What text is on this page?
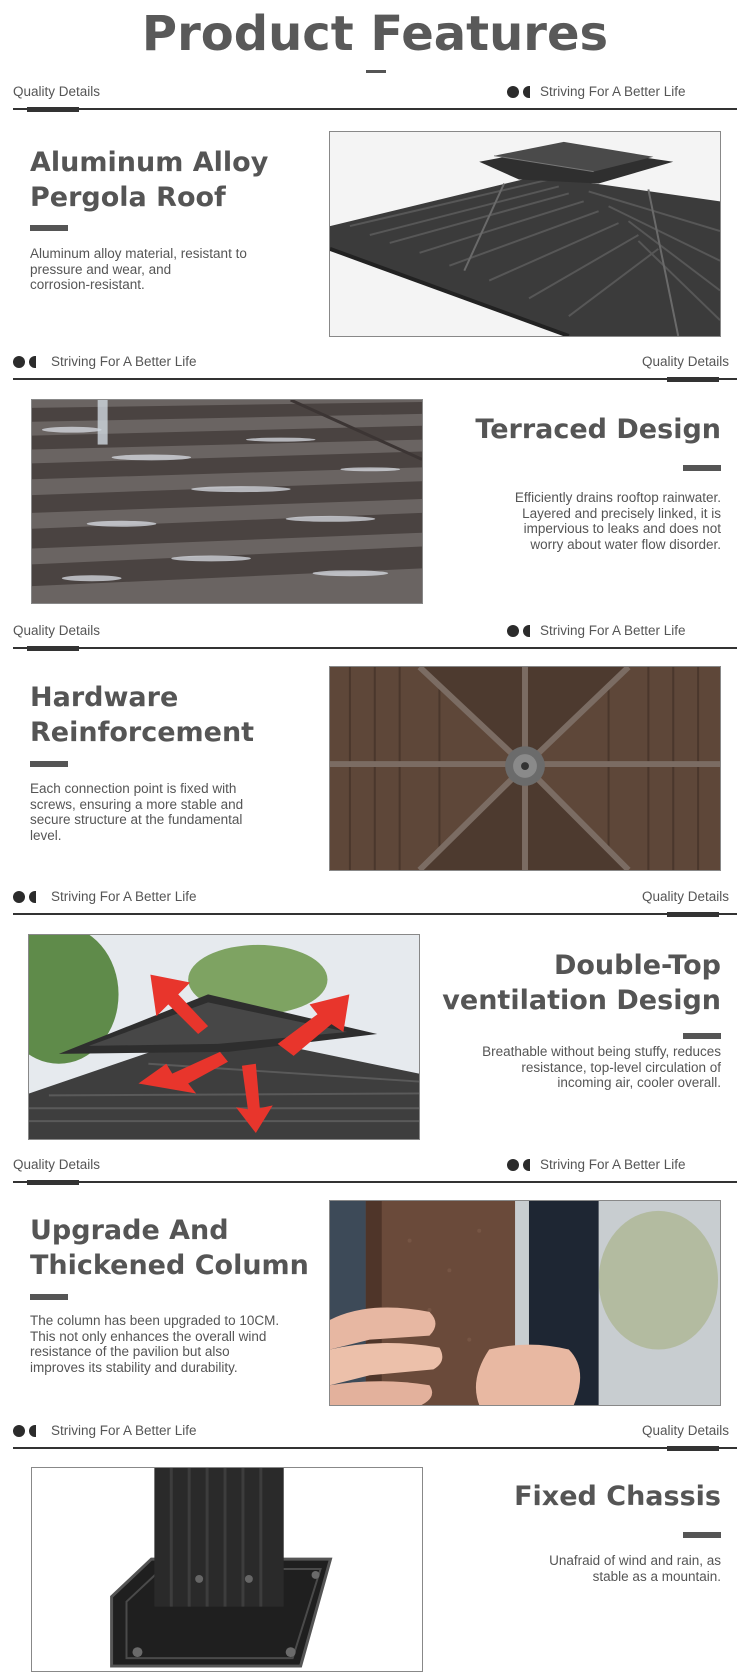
Product Features
Quality Details	Striving For A Better Life
Aluminum Alloy
Pergola Roof
Aluminum alloy material, resistant to
pressure and wear, and
corrosion-resistant.
Striving For A Better Life	Quality Details
Terraced Design
Efficiently drains rooftop rainwater.
Layered and precisely linked, it is
impervious to leaks and does not
worry about water flow disorder.
Quality Details	Striving For A Better Life
Hardware
Reinforcement
Each connection point is fixed with
screws, ensuring a more stable and
secure structure at the fundamental
level.
Striving For A Better Life	Quality Details
Double-Top
ventilation Design
Breathable without being stuffy, reduces
resistance, top-level circulation of
incoming air, cooler overall.
Quality Details	Striving For A Better Life
Upgrade And
Thickened Column
The column has been upgraded to 10CM.
This not only enhances the overall wind
resistance of the pavilion but also
improves its stability and durability.
Striving For A Better Life	Quality Details
Fixed Chassis
Unafraid of wind and rain, as
stable as a mountain.
